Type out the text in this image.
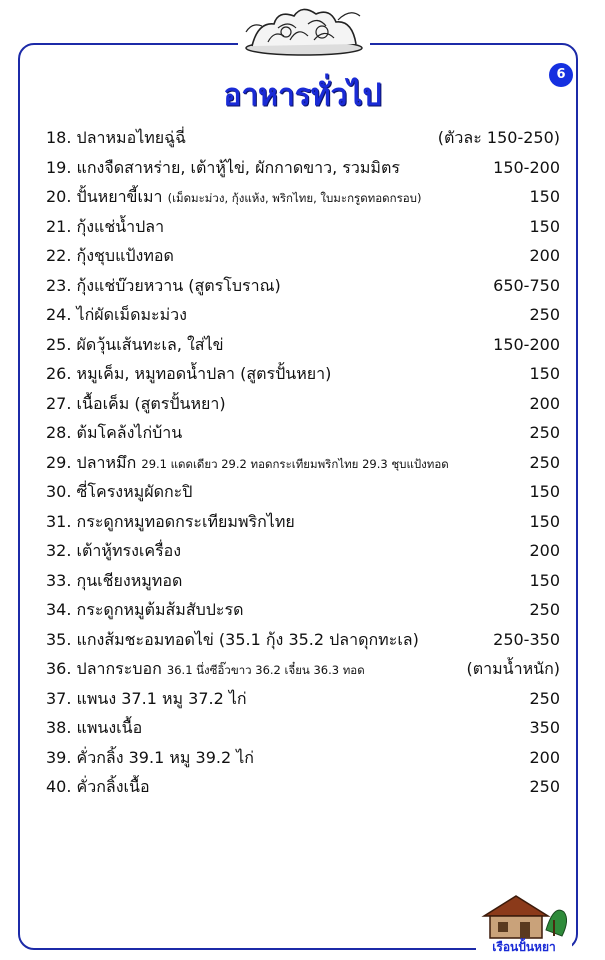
อาหารทั่วไป
6
18. ปลาหมอไทยฉู่ฉี่	(ตัวละ 150-250)
19. แกงจืดสาหร่าย, เต้าหู้ไข่, ผักกาดขาว, รวมมิตร	150-200
20. ปั้นหยาขี้เมา (เม็ดมะม่วง, กุ้งแห้ง, พริกไทย, ใบมะกรูดทอดกรอบ)	150
21. กุ้งแช่น้ำปลา	150
22. กุ้งชุบแป้งทอด	200
23. กุ้งแช่บ๊วยหวาน (สูตรโบราณ)	650-750
24. ไก่ผัดเม็ดมะม่วง	250
25. ผัดวุ้นเส้นทะเล, ใส่ไข่	150-200
26. หมูเค็ม, หมูทอดน้ำปลา (สูตรปั้นหยา)	150
27. เนื้อเค็ม (สูตรปั้นหยา)	200
28. ต้มโคล้งไก่บ้าน	250
29. ปลาหมึก 29.1 แดดเดียว 29.2 ทอดกระเทียมพริกไทย 29.3 ชุบแป้งทอด	250
30. ซี่โครงหมูผัดกะปิ	150
31. กระดูกหมูทอดกระเทียมพริกไทย	150
32. เต้าหู้ทรงเครื่อง	200
33. กุนเชียงหมูทอด	150
34. กระดูกหมูต้มส้มสับปะรด	250
35. แกงส้มชะอมทอดไข่ (35.1 กุ้ง 35.2 ปลาดุกทะเล)	250-350
36. ปลากระบอก 36.1 นึ่งซีอิ๊วขาว 36.2 เจี๋ยน 36.3 ทอด	(ตามน้ำหนัก)
37. แพนง 37.1 หมู 37.2 ไก่	250
38. แพนงเนื้อ	350
39. คั่วกลิ้ง 39.1 หมู 39.2 ไก่	200
40. คั่วกลิ้งเนื้อ	250
เรือนปั้นหยา
